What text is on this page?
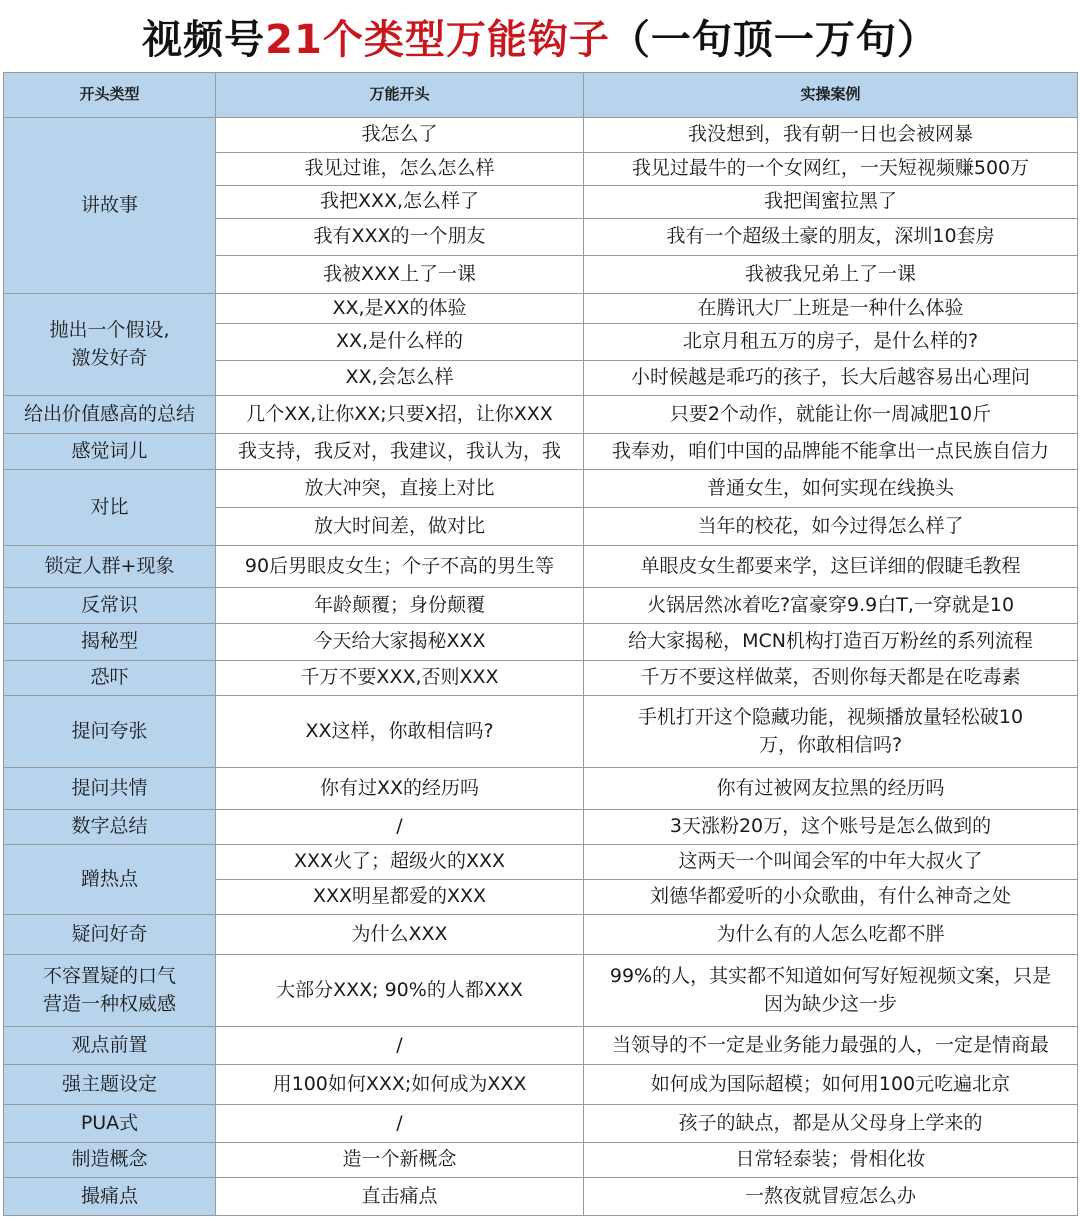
视频号 21个类型万能钩子 （一句顶一万句）
开头类型	万能开头	实操案例
讲故事	我怎么了	我没想到，我有朝一日也会被网暴
	我见过谁，怎么怎么样	我见过最牛的一个女网红，一天短视频赚500万
	我把XXX,怎么样了	我把闺蜜拉黑了
	我有XXX的一个朋友	我有一个超级土豪的朋友，深圳10套房
	我被XXX上了一课	我被我兄弟上了一课
抛出一个假设,
激发好奇	XX,是XX的体验	在腾讯大厂上班是一种什么体验
	XX,是什么样的	北京月租五万的房子，是什么样的?
	XX,会怎么样	小时候越是乖巧的孩子，长大后越容易出心理问
给出价值感高的总结	几个XX,让你XX;只要X招，让你XXX	只要2个动作，就能让你一周减肥10斤
感觉词儿	我支持，我反对，我建议，我认为，我	我奉劝，咱们中国的品牌能不能拿出一点民族自信力
对比	放大冲突，直接上对比	普通女生，如何实现在线换头
	放大时间差，做对比	当年的校花，如今过得怎么样了
锁定人群+现象	90后男眼皮女生；个子不高的男生等	单眼皮女生都要来学，这巨详细的假睫毛教程
反常识	年龄颠覆；身份颠覆	火锅居然冰着吃?富豪穿9.9白T,一穿就是10
揭秘型	今天给大家揭秘XXX	给大家揭秘，MCN机构打造百万粉丝的系列流程
恐吓	千万不要XXX,否则XXX	千万不要这样做菜，否则你每天都是在吃毒素
提问夸张	XX这样，你敢相信吗?	手机打开这个隐藏功能，视频播放量轻松破10
万，你敢相信吗?
提问共情	你有过XX的经历吗	你有过被网友拉黑的经历吗
数字总结	/	3天涨粉20万，这个账号是怎么做到的
蹭热点	XXX火了；超级火的XXX	这两天一个叫闻会军的中年大叔火了
	XXX明星都爱的XXX	刘德华都爱听的小众歌曲，有什么神奇之处
疑问好奇	为什么XXX	为什么有的人怎么吃都不胖
不容置疑的口气
营造一种权威感	大部分XXX; 90%的人都XXX	99%的人，其实都不知道如何写好短视频文案，只是
因为缺少这一步
观点前置	/	当领导的不一定是业务能力最强的人，一定是情商最
强主题设定	用100如何XXX;如何成为XXX	如何成为国际超模；如何用100元吃遍北京
PUA式	/	孩子的缺点，都是从父母身上学来的
制造概念	造一个新概念	日常轻泰装；骨相化妆
撮痛点	直击痛点	一熬夜就冒痘怎么办
